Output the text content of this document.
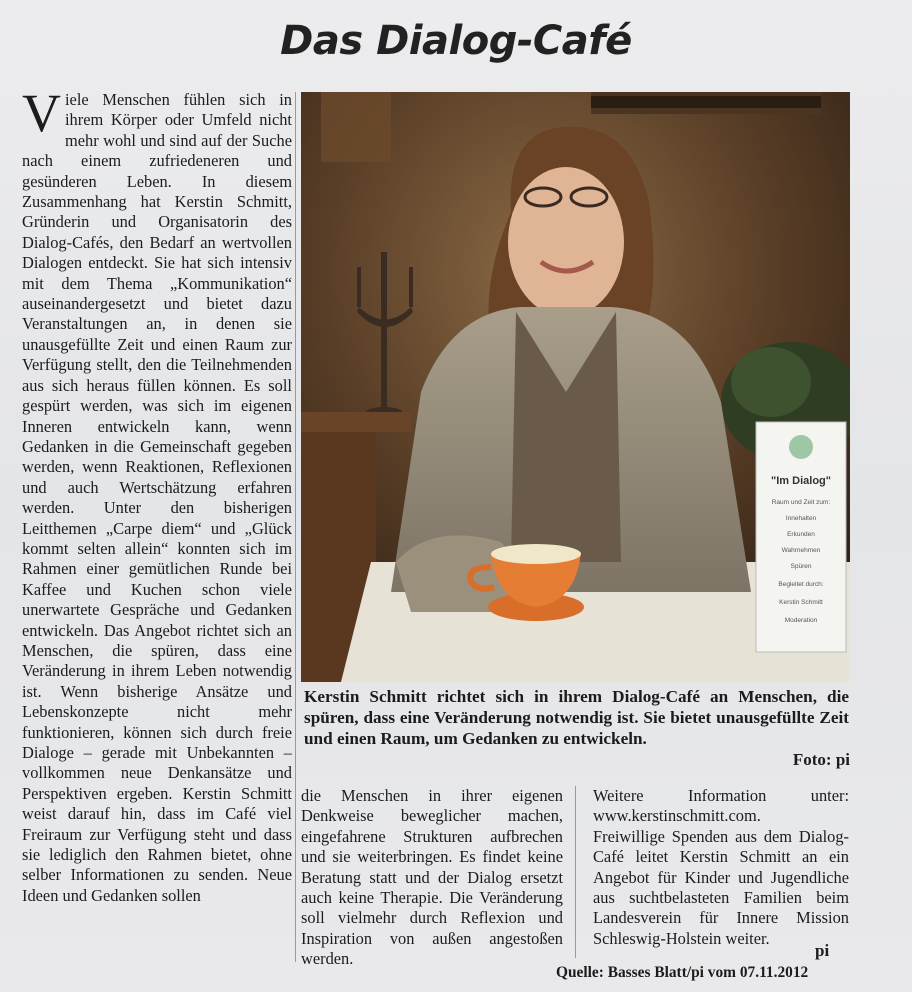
Das Dialog-Café

Viele Menschen fühlen sich in ihrem Körper oder Umfeld nicht mehr wohl und sind auf der Suche nach einem zufriedeneren und gesünderen Leben. In diesem Zusammenhang hat Kerstin Schmitt, Gründerin und Organisatorin des Dialog-Cafés, den Bedarf an wertvollen Dialogen entdeckt. Sie hat sich intensiv mit dem Thema „Kommunikation“ auseinandergesetzt und bietet dazu Veranstaltungen an, in denen sie unausgefüllte Zeit und einen Raum zur Verfügung stellt, den die Teilnehmenden aus sich heraus füllen können. Es soll gespürt werden, was sich im eigenen Inneren entwickeln kann, wenn Gedanken in die Gemeinschaft gegeben werden, wenn Reaktionen, Reflexionen und auch Wertschätzung erfahren werden. Unter den bisherigen Leitthemen „Carpe diem“ und „Glück kommt selten allein“ konnten sich im Rahmen einer gemütlichen Runde bei Kaffee und Kuchen schon viele unerwartete Gespräche und Gedanken entwickeln. Das Angebot richtet sich an Menschen, die spüren, dass eine Veränderung in ihrem Leben notwendig ist. Wenn bisherige Ansätze und Lebenskonzepte nicht mehr funktionieren, können sich durch freie Dialoge – gerade mit Unbekannten – vollkommen neue Denkansätze und Perspektiven ergeben. Kerstin Schmitt weist darauf hin, dass im Café viel Freiraum zur Verfügung steht und dass sie lediglich den Rahmen bietet, ohne selber Informationen zu senden. Neue Ideen und Gedanken sollen

"Im Dialog"
Raum und Zeit zum:
Innehalten
Erkunden
Wahrnehmen
Spüren
Begleitet durch:
Kerstin Schmitt
Moderation
Kerstin Schmitt richtet sich in ihrem Dialog-Café an Menschen, die spüren, dass eine Veränderung notwendig ist. Sie bietet unausgefüllte Zeit und einen Raum, um Gedanken zu entwickeln.
Foto: pi

die Menschen in ihrer eigenen Denkweise beweglicher machen, eingefahrene Strukturen aufbrechen und sie weiterbringen. Es findet keine Beratung statt und der Dialog ersetzt auch keine Therapie. Die Veränderung soll vielmehr durch Reflexion und Inspiration von außen angestoßen werden.

Weitere Information unter: www.kerstinschmitt.com.

Freiwillige Spenden aus dem Dialog-Café leitet Kerstin Schmitt an ein Angebot für Kinder und Jugendliche aus suchtbelasteten Familien beim Landesverein für Innere Mission Schleswig-Holstein weiter.

pi
Quelle: Basses Blatt/pi vom 07.11.2012
